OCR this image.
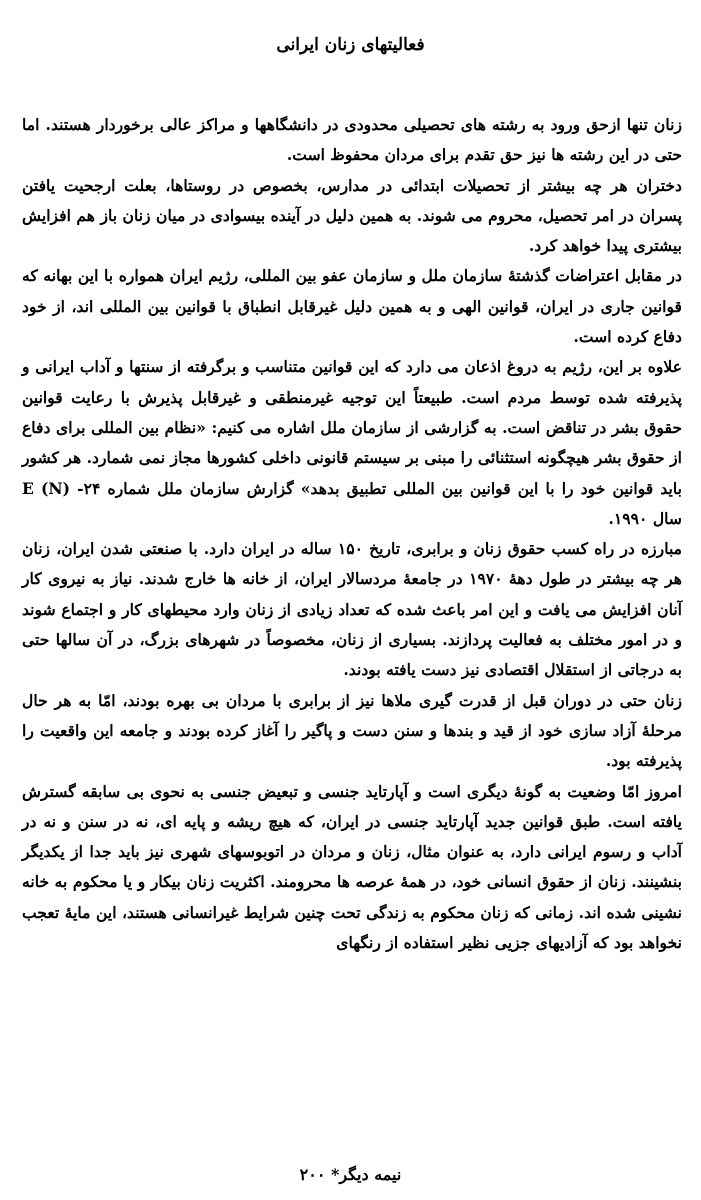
فعالیتهای زنان ایرانی

زنان تنها ازحق ورود به رشته های تحصیلی محدودی در دانشگاهها و مراکز عالی برخوردار هستند. اما حتی در این رشته ها نیز حق تقدم برای مردان محفوظ است.

دختران هر چه بیشتر از تحصیلات ابتدائی در مدارس، بخصوص در روستاها، بعلت ارجحیت یافتن پسران در امر تحصیل، محروم می شوند. به همین دلیل در آینده بیسوادی در میان زنان باز هم افزایش بیشتری پیدا خواهد کرد.

در مقابل اعتراضات گذشتهٔ سازمان ملل و سازمان عفو بین المللی، رژیم ایران همواره با این بهانه که قوانین جاری در ایران، قوانین الهی و به همین دلیل غیرقابل انطباق با قوانین بین المللی اند، از خود دفاع کرده است.

علاوه بر این، رژیم به دروغ اذعان می دارد که این قوانین متناسب و برگرفته از سنتها و آداب ایرانی و پذیرفته شده توسط مردم است. طبیعتاً این توجیه غیرمنطقی و غیرقابل پذیرش با رعایت قوانین حقوق بشر در تناقض است. به گزارشی از سازمان ملل اشاره می کنیم: «نظام بین المللی برای دفاع از حقوق بشر هیچگونه استثنائی را مبنی بر سیستم قانونی داخلی کشورها مجاز نمی شمارد. هر کشور باید قوانین خود را با این قوانین بین المللی تطبیق بدهد» گزارش سازمان ملل شماره ۲۴- E (N) سال ۱۹۹۰.

مبارزه در راه کسب حقوق زنان و برابری، تاریخ ۱۵۰ ساله در ایران دارد. با صنعتی شدن ایران، زنان هر چه بیشتر در طول دهۀ ۱۹۷۰ در جامعۀ مردسالار ایران، از خانه ها خارج شدند. نیاز به نیروی کار آنان افزایش می یافت و این امر باعث شده که تعداد زیادی از زنان وارد محیطهای کار و اجتماع شوند و در امور مختلف به فعالیت پردازند. بسیاری از زنان، مخصوصاً در شهرهای بزرگ، در آن سالها حتی به درجاتی از استقلال اقتصادی نیز دست یافته بودند.

زنان حتی در دوران قبل از قدرت گیری ملاها نیز از برابری با مردان بی بهره بودند، امّا به هر حال مرحلهٔ آزاد سازی خود از قید و بندها و سنن دست و پاگیر را آغاز کرده بودند و جامعه این واقعیت را پذیرفته بود.

امروز امّا وضعیت به گونهٔ دیگری است و آپارتاید جنسی و تبعیض جنسی به نحوی بی سابقه گسترش یافته است. طبق قوانین جدید آپارتاید جنسی در ایران، که هیچ ریشه و پایه ای، نه در سنن و نه در آداب و رسوم ایرانی دارد، به عنوان مثال، زنان و مردان در اتوبوسهای شهری نیز باید جدا از یکدیگر بنشینند. زنان از حقوق انسانی خود، در همهٔ عرصه ها محرومند. اکثریت زنان بیکار و یا محکوم به خانه نشینی شده اند. زمانی که زنان محکوم به زندگی تحت چنین شرایط غیرانسانی هستند، این مایهٔ تعجب نخواهد بود که آزادیهای جزیی نظیر استفاده از رنگهای

نیمه دیگر* ۲۰۰
